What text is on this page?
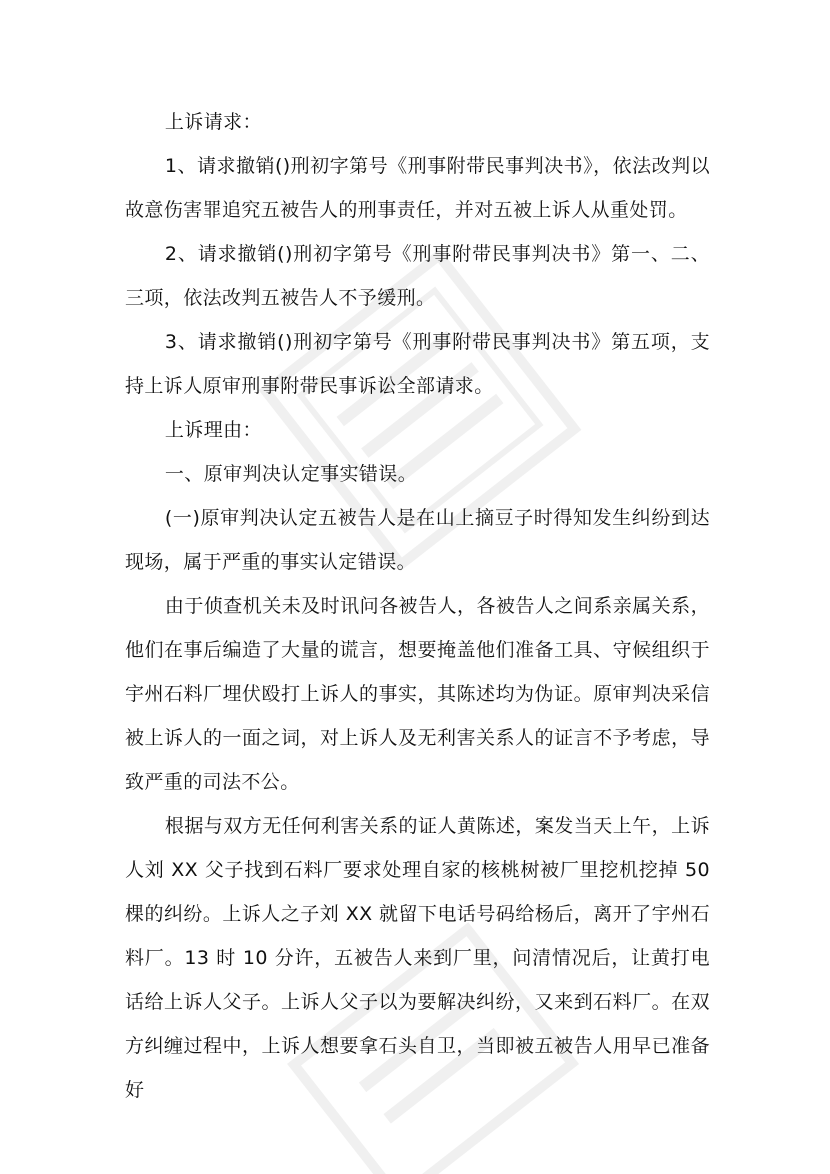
上诉请求：

1、请求撤销()刑初字第号《刑事附带民事判决书》，依法改判以故意伤害罪追究五被告人的刑事责任，并对五被上诉人从重处罚。

2、请求撤销()刑初字第号《刑事附带民事判决书》第一、二、三项，依法改判五被告人不予缓刑。

3、请求撤销()刑初字第号《刑事附带民事判决书》第五项，支持上诉人原审刑事附带民事诉讼全部请求。

上诉理由：

一、原审判决认定事实错误。

(一)原审判决认定五被告人是在山上摘豆子时得知发生纠纷到达现场，属于严重的事实认定错误。

由于侦查机关未及时讯问各被告人，各被告人之间系亲属关系，他们在事后编造了大量的谎言，想要掩盖他们准备工具、守候组织于宇州石料厂埋伏殴打上诉人的事实，其陈述均为伪证。原审判决采信被上诉人的一面之词，对上诉人及无利害关系人的证言不予考虑，导致严重的司法不公。

根据与双方无任何利害关系的证人黄陈述，案发当天上午，上诉人刘 XX 父子找到石料厂要求处理自家的核桃树被厂里挖机挖掉 50 棵的纠纷。上诉人之子刘 XX 就留下电话号码给杨后，离开了宇州石料厂。13 时 10 分许，五被告人来到厂里，问清情况后，让黄打电话给上诉人父子。上诉人父子以为要解决纠纷，又来到石料厂。在双方纠缠过程中，上诉人想要拿石头自卫，当即被五被告人用早已准备好
